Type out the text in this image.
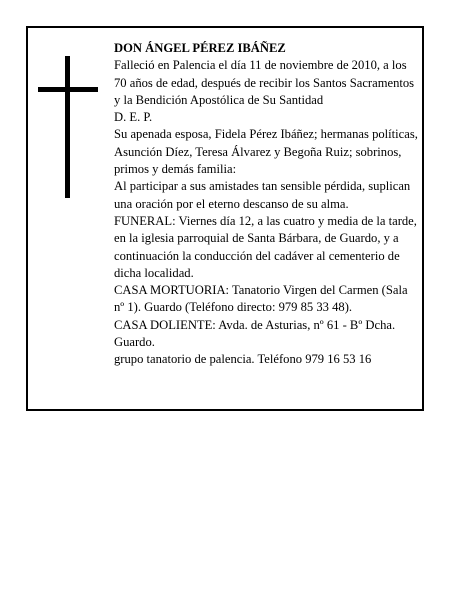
DON ÁNGEL PÉREZ IBÁÑEZ

Falleció en Palencia el día 11 de noviembre de 2010, a los 70 años de edad, después de recibir los Santos Sacramentos y la Bendición Apostólica de Su Santidad

D. E. P.

Su apenada esposa, Fidela Pérez Ibáñez; hermanas políticas, Asunción Díez, Teresa Álvarez y Begoña Ruiz; sobrinos, primos y demás familia:

Al participar a sus amistades tan sensible pérdida, suplican una oración por el eterno descanso de su alma.

FUNERAL: Viernes día 12, a las cuatro y media de la tarde, en la iglesia parroquial de Santa Bárbara, de Guardo, y a continuación la conducción del cadáver al cementerio de dicha localidad.

CASA MORTUORIA: Tanatorio Virgen del Carmen (Sala nº 1). Guardo (Teléfono directo: 979 85 33 48).

CASA DOLIENTE: Avda. de Asturias, nº 61 - Bº Dcha. Guardo.

grupo tanatorio de palencia. Teléfono 979 16 53 16
